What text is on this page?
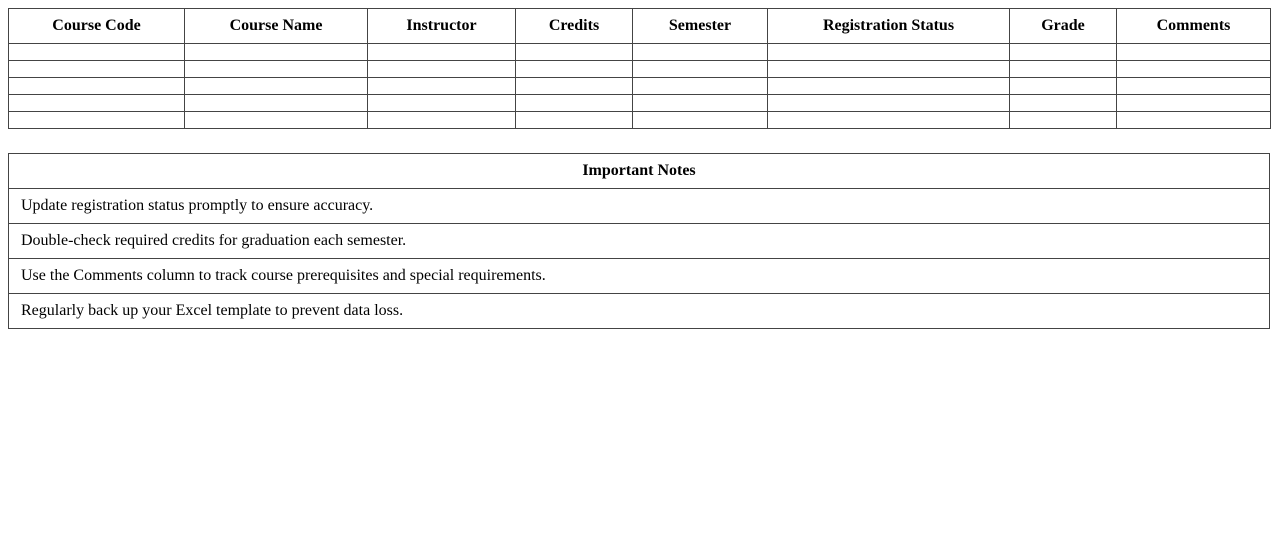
Course Code	Course Name	Instructor	Credits	Semester	Registration Status	Grade	Comments

Important Notes
Update registration status promptly to ensure accuracy.
Double-check required credits for graduation each semester.
Use the Comments column to track course prerequisites and special requirements.
Regularly back up your Excel template to prevent data loss.
